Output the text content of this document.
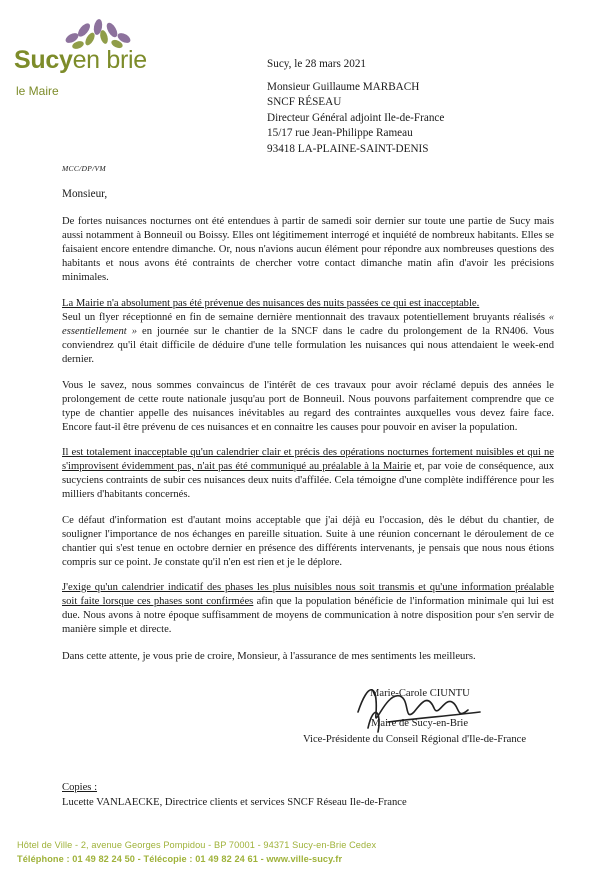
Sucyen brie
le Maire
Sucy, le 28 mars 2021
Monsieur Guillaume MARBACH
SNCF RÉSEAU
Directeur Général adjoint Ile-de-France
15/17 rue Jean-Philippe Rameau
93418 LA-PLAINE-SAINT-DENIS
MCC/DP/VM
Monsieur,

De fortes nuisances nocturnes ont été entendues à partir de samedi soir dernier sur toute une partie de Sucy mais aussi notamment à Bonneuil ou Boissy. Elles ont légitimement interrogé et inquiété de nombreux habitants. Elles se faisaient encore entendre dimanche. Or, nous n'avions aucun élément pour répondre aux nombreuses questions des habitants et nous avons été contraints de chercher votre contact dimanche matin afin d'avoir les précisions minimales.

La Mairie n'a absolument pas été prévenue des nuisances des nuits passées ce qui est inacceptable.
Seul un flyer réceptionné en fin de semaine dernière mentionnait des travaux potentiellement bruyants réalisés « essentiellement » en journée sur le chantier de la SNCF dans le cadre du prolongement de la RN406. Vous conviendrez qu'il était difficile de déduire d'une telle formulation les nuisances qui nous attendaient le week-end dernier.

Vous le savez, nous sommes convaincus de l'intérêt de ces travaux pour avoir réclamé depuis des années le prolongement de cette route nationale jusqu'au port de Bonneuil. Nous pouvons parfaitement comprendre que ce type de chantier appelle des nuisances inévitables au regard des contraintes auxquelles vous devez faire face. Encore faut-il être prévenu de ces nuisances et en connaitre les causes pour pouvoir en aviser la population.

Il est totalement inacceptable qu'un calendrier clair et précis des opérations nocturnes fortement nuisibles et qui ne s'improvisent évidemment pas, n'ait pas été communiqué au préalable à la Mairie et, par voie de conséquence, aux sucyciens contraints de subir ces nuisances deux nuits d'affilée. Cela témoigne d'une complète indifférence pour les milliers d'habitants concernés.

Ce défaut d'information est d'autant moins acceptable que j'ai déjà eu l'occasion, dès le début du chantier, de souligner l'importance de nos échanges en pareille situation. Suite à une réunion concernant le déroulement de ce chantier qui s'est tenue en octobre dernier en présence des différents intervenants, je pensais que nous nous étions compris sur ce point. Je constate qu'il n'en est rien et je le déplore.

J'exige qu'un calendrier indicatif des phases les plus nuisibles nous soit transmis et qu'une information préalable soit faite lorsque ces phases sont confirmées afin que la population bénéficie de l'information minimale qui lui est due. Nous avons à notre époque suffisamment de moyens de communication à notre disposition pour s'en servir de manière simple et directe.

Dans cette attente, je vous prie de croire, Monsieur, à l'assurance de mes sentiments les meilleurs.

Marie-Carole CIUNTU
Maire de Sucy-en-Brie
Vice-Présidente du Conseil Régional d'Ile-de-France
Copies :
Lucette VANLAECKE, Directrice clients et services SNCF Réseau Ile-de-France
Hôtel de Ville - 2, avenue Georges Pompidou - BP 70001 - 94371 Sucy-en-Brie Cedex
Téléphone : 01 49 82 24 50 - Télécopie : 01 49 82 24 61 - www.ville-sucy.fr
